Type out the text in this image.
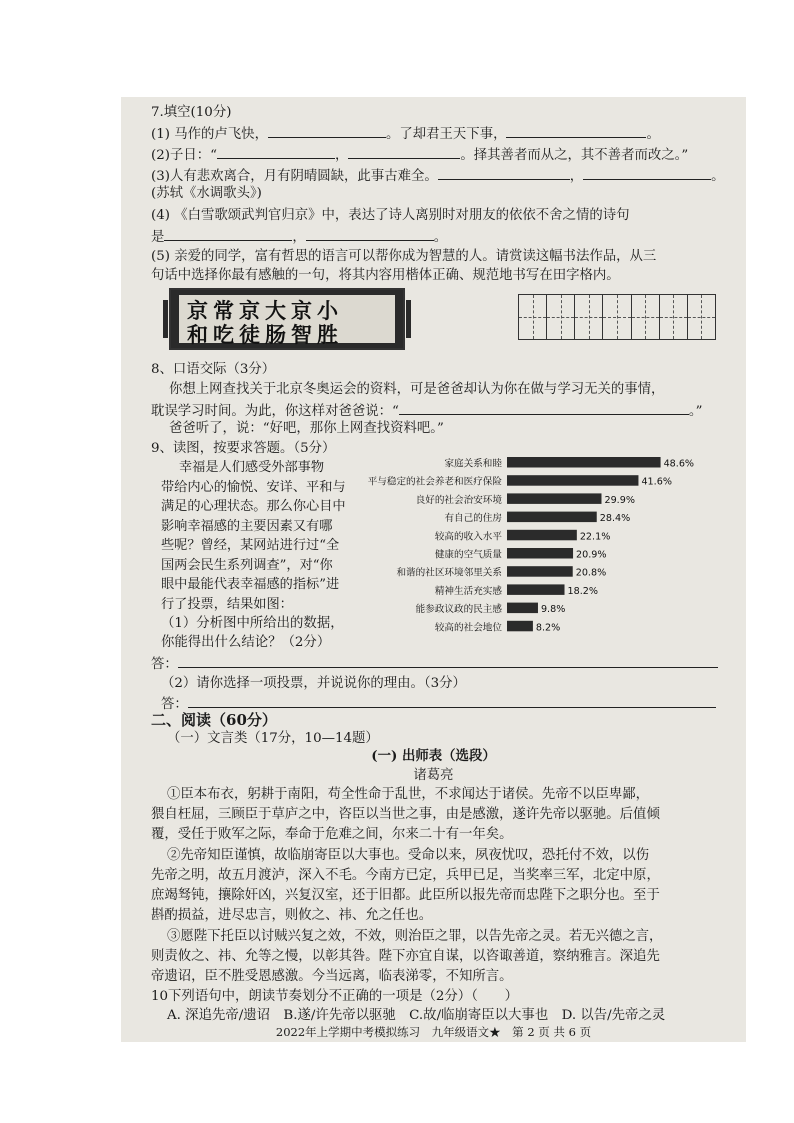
7.填空(10分)
(1) 马作的卢飞快，	。了却君王天下事，	。
(2)子日：“	，	。择其善者而从之，其不善者而改之。”
(3)人有悲欢离合，月有阴晴圆缺，此事古难全。	，	。
(苏轼《水调歌头》)
(4) 《白雪歌颂武判官归京》中，表达了诗人离别时对朋友的依依不舍之情的诗句
是	，	。
(5) 亲爱的同学，富有哲思的语言可以帮你成为智慧的人。请赏读这幅书法作品，从三
句话中选择你最有感触的一句，将其内容用楷体正确、规范地书写在田字格内。
京常京大京小
和吃徒肠智胜
8、口语交际（3分）
你想上网查找关于北京冬奥运会的资料，可是爸爸却认为你在做与学习无关的事情，
耽误学习时间。为此，你这样对爸爸说：“	。”
爸爸听了，说：“好吧，那你上网查找资料吧。”
9、读图，按要求答题。（5分）
幸福是人们感受外部事物
带给内心的愉悦、安详、平和与
满足的心理状态。那么你心目中
影响幸福感的主要因素又有哪
些呢？曾经，某网站进行过“全
国两会民生系列调查”，对“你
眼中最能代表幸福感的指标”进
行了投票，结果如图：
家庭关系和睦	48.6%
平与稳定的社会养老和医疗保险	41.6%
良好的社会治安环境	29.9%
有自己的住房	28.4%
较高的收入水平	22.1%
健康的空气质量	20.9%
和谐的社区环境邻里关系	20.8%
精神生活充实感	18.2%
能参政议政的民主感	9.8%
较高的社会地位	8.2%
（1）分析图中所给出的数据，
你能得出什么结论？（2分）
答：
（2）请你选择一项投票，并说说你的理由。（3分）
答：
二、阅读（60分）
（一）文言类（17分，10—14题）
(一) 出师表（选段）
诸葛亮
①臣本布衣，躬耕于南阳，苟全性命于乱世，不求闻达于诸侯。先帝不以臣卑鄙，
猥自枉屈，三顾臣于草庐之中，咨臣以当世之事，由是感激，遂许先帝以驱驰。后值倾
覆，受任于败军之际，奉命于危难之间，尔来二十有一年矣。
②先帝知臣谨慎，故临崩寄臣以大事也。受命以来，夙夜忧叹，恐托付不效，以伤
先帝之明，故五月渡泸，深入不毛。今南方已定，兵甲已足，当奖率三军，北定中原，
庶竭驽钝，攘除奸凶，兴复汉室，还于旧都。此臣所以报先帝而忠陛下之职分也。至于
斟酌损益，进尽忠言，则攸之、祎、允之任也。
③愿陛下托臣以讨贼兴复之效，不效，则治臣之罪，以告先帝之灵。若无兴德之言，
则责攸之、祎、允等之慢，以彰其咎。陛下亦宜自谋，以咨诹善道，察纳雅言。深追先
帝遗诏，臣不胜受恩感激。今当远离，临表涕零，不知所言。
10下列语句中，朗读节奏划分不正确的一项是（2分）（　　）
A. 深追先帝/遗诏　B.遂/许先帝以驱驰　C.故/临崩寄臣以大事也　D. 以告/先帝之灵
2022年上学期中考模拟练习　九年级语文★　第 2 页 共 6 页
